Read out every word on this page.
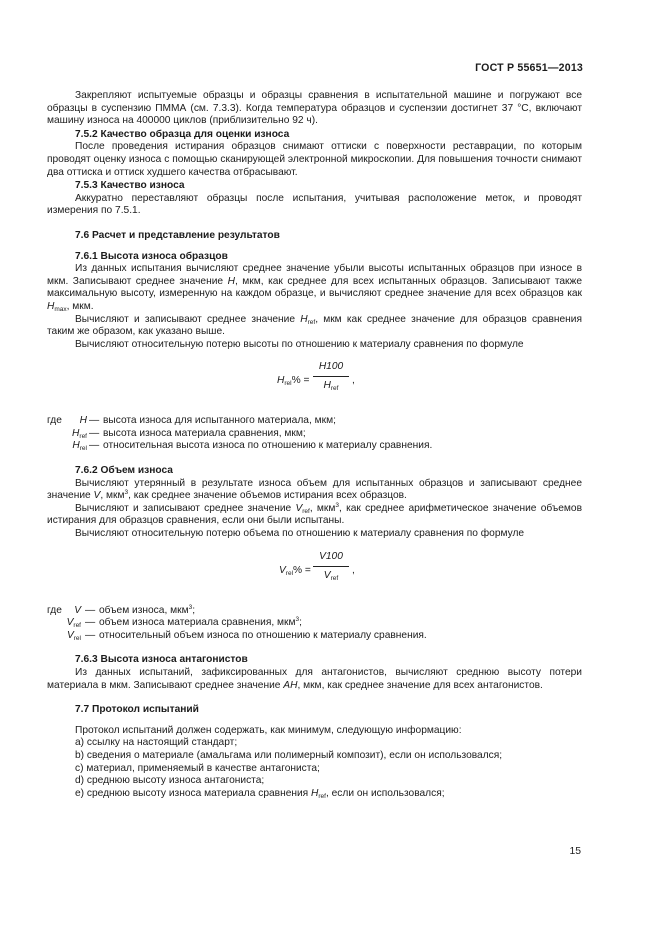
ГОСТ Р 55651—2013

Закрепляют испытуемые образцы и образцы сравнения в испытательной машине и погружают все образцы в суспензию ПММА (см. 7.3.3). Когда температура образцов и суспензии достигнет 37 °С, включают машину износа на 400000 циклов (приблизительно 92 ч).

7.5.2 Качество образца для оценки износа

После проведения истирания образцов снимают оттиски с поверхности реставрации, по которым проводят оценку износа с помощью сканирующей электронной микроскопии. Для повышения точности снимают два оттиска и оттиск худшего качества отбрасывают.

7.5.3 Качество износа

Аккуратно переставляют образцы после испытания, учитывая расположение меток, и проводят измерения по 7.5.1.

7.6 Расчет и представление результатов

7.6.1 Высота износа образцов

Из данных испытания вычисляют среднее значение убыли высоты испытанных образцов при износе в мкм. Записывают среднее значение H, мкм, как среднее для всех испытанных образцов. Записывают также максимальную высоту, измеренную на каждом образце, и вычисляют среднее значение для всех образцов как $H_{max}$, мкм.

Вычисляют и записывают среднее значение $H_{ref}$, мкм как среднее значение для образцов сравнения таким же образом, как указано выше.

Вычисляют относительную потерю высоты по отношению к материалу сравнения по формуле

$H_{rel}\%$ =
H100
$H_{ref}$
,
где	H — высота износа для испытанного материала, мкм;
$H_{ref}$ — высота износа материала сравнения, мкм;
$H_{rel}$ — относительная высота износа по отношению к материалу сравнения.

7.6.2 Объем износа

Вычисляют утерянный в результате износа объем для испытанных образцов и записывают среднее значение V, мкм$^3$, как среднее значение объемов истирания всех образцов.

Вычисляют и записывают среднее значение $V_{ref}$, мкм$^3$, как среднее арифметическое значение объемов истирания для образцов сравнения, если они были испытаны.

Вычисляют относительную потерю объема по отношению к материалу сравнения по формуле

$V_{rel}\%$ =
V100
$V_{ref}$
,
где	V — объем износа, мкм$^3$;
$V_{ref}$ — объем износа материала сравнения, мкм$^3$;
$V_{rel}$ — относительный объем износа по отношению к материалу сравнения.

7.6.3 Высота износа антагонистов

Из данных испытаний, зафиксированных для антагонистов, вычисляют среднюю высоту потери материала в мкм. Записывают среднее значение AH, мкм, как среднее значение для всех антагонистов.

7.7 Протокол испытаний

Протокол испытаний должен содержать, как минимум, следующую информацию:

а) ссылку на настоящий стандарт;

b) сведения о материале (амальгама или полимерный композит), если он использовался;

c) материал, применяемый в качестве антагониста;

d) среднюю высоту износа антагониста;

е) среднюю высоту износа материала сравнения $H_{ref}$, если он использовался;

15
